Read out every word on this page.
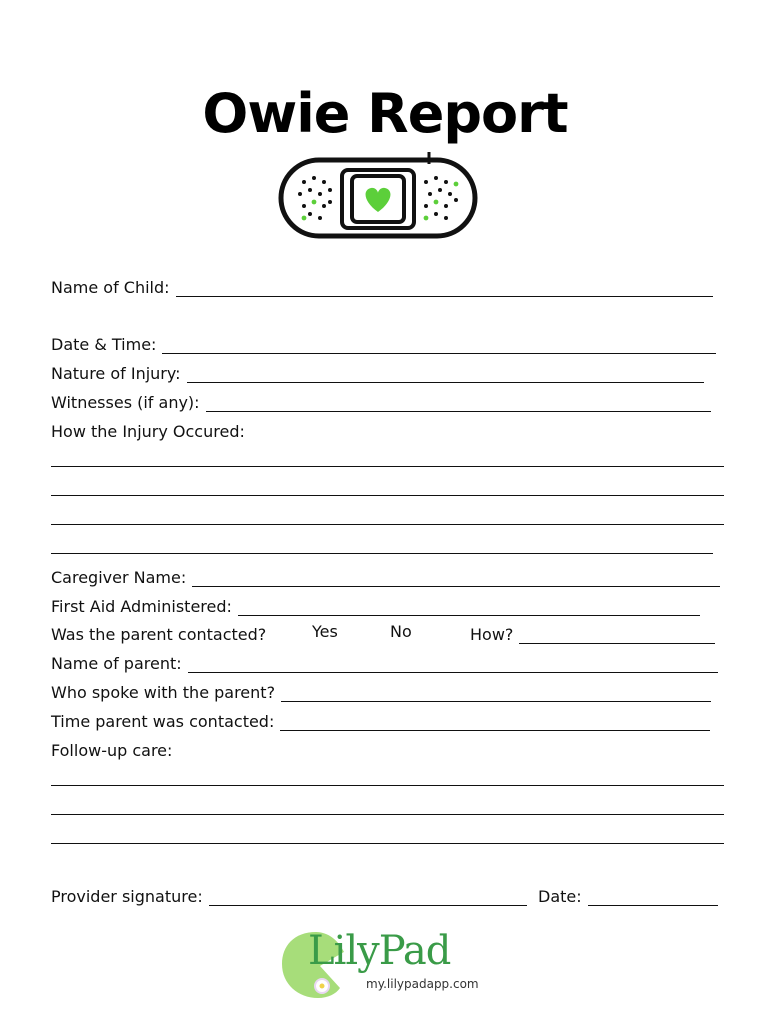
Owie Report
Name of Child:
Date & Time:
Nature of Injury:
Witnesses (if any):
How the Injury Occured:
Caregiver Name:
First Aid Administered:
Was the parent contacted?	Yes	No	How?
Name of parent:
Who spoke with the parent?
Time parent was contacted:
Follow-up care:
Provider signature:	Date:
LilyPad
my.lilypadapp.com
